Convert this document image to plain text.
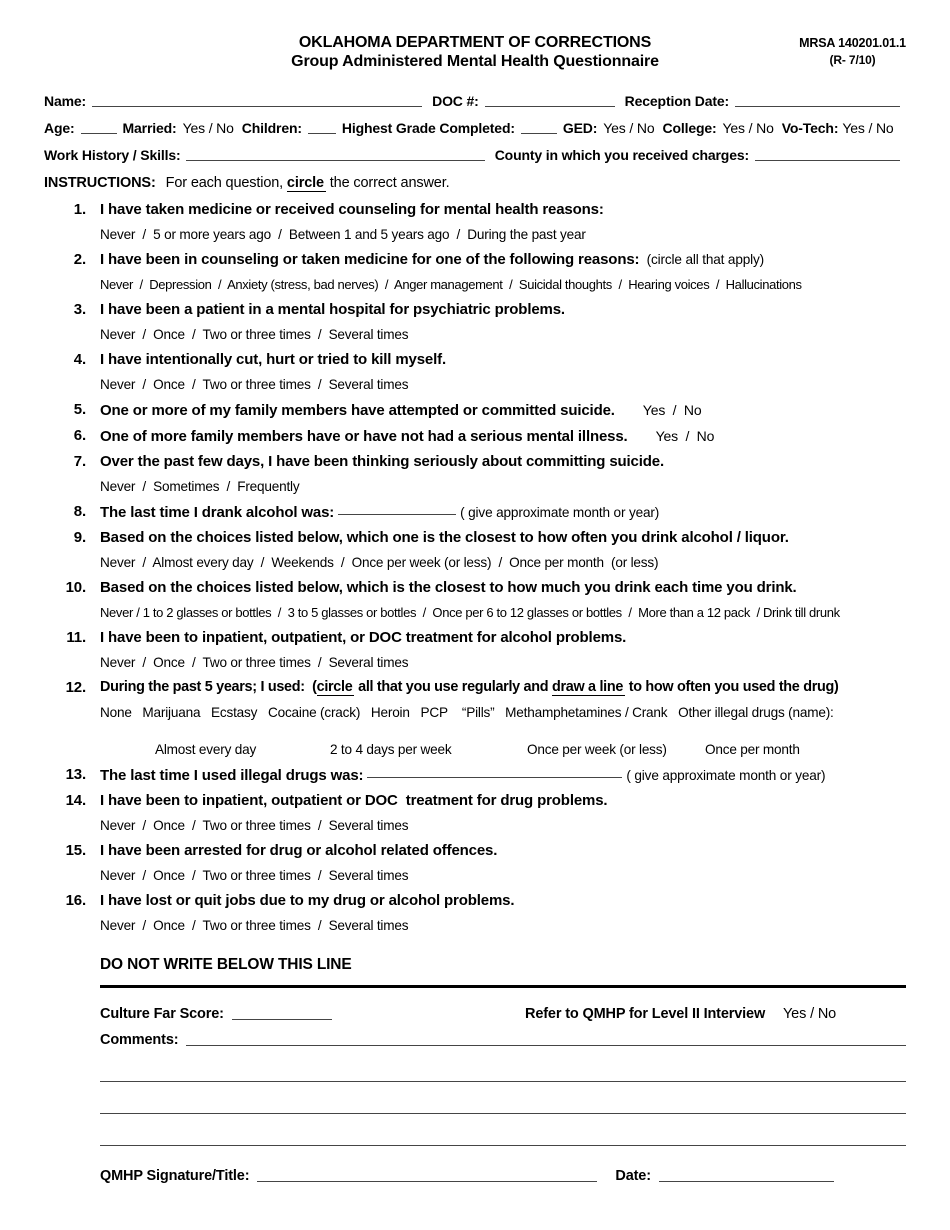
OKLAHOMA DEPARTMENT OF CORRECTIONS
Group Administered Mental Health Questionnaire
MRSA 140201.01.1
(R- 7/10)
Name:	DOC #:	Reception Date:
Age:	Married: Yes / No Children:	Highest Grade Completed:	GED: Yes / No College: Yes / No Vo-Tech: Yes / No
Work History / Skills:	County in which you received charges:
INSTRUCTIONS: For each question, circle the correct answer.
1. I have taken medicine or received counseling for mental health reasons:
Never  /  5 or more years ago  /  Between 1 and 5 years ago  /  During the past year
2. I have been in counseling or taken medicine for one of the following reasons:  (circle all that apply)
Never  /  Depression  /  Anxiety (stress, bad nerves)  /  Anger management  /  Suicidal thoughts  /  Hearing voices  /  Hallucinations
3. I have been a patient in a mental hospital for psychiatric problems.
Never  /  Once  /  Two or three times  /  Several times
4. I have intentionally cut, hurt or tried to kill myself.
Never  /  Once  /  Two or three times  /  Several times
5. One or more of my family members have attempted or committed suicide. Yes  /  No
6. One of more family members have or have not had a serious mental illness. Yes  /  No
7. Over the past few days, I have been thinking seriously about committing suicide.
Never  /  Sometimes  /  Frequently
8. The last time I drank alcohol was:	( give approximate month or year)
9. Based on the choices listed below, which one is the closest to how often you drink alcohol / liquor.
Never  /  Almost every day  /  Weekends  /  Once per week (or less)  /  Once per month  (or less)
10. Based on the choices listed below, which is the closest to how much you drink each time you drink.
Never / 1 to 2 glasses or bottles  /  3 to 5 glasses or bottles  /  Once per 6 to 12 glasses or bottles  /  More than a 12 pack  / Drink till drunk
11. I have been to inpatient, outpatient, or DOC treatment for alcohol problems.
Never  /  Once  /  Two or three times  /  Several times
12. During the past 5 years; I used:  (circle all that you use regularly and draw a line to how often you used the drug)
None   Marijuana   Ecstasy   Cocaine (crack)   Heroin   PCP    “Pills”   Methamphetamines / Crank   Other illegal drugs (name):
Almost every day	2 to 4 days per week	Once per week (or less)	Once per month
13. The last time I used illegal drugs was:	( give approximate month or year)
14. I have been to inpatient, outpatient or DOC  treatment for drug problems.
Never  /  Once  /  Two or three times  /  Several times
15. I have been arrested for drug or alcohol related offences.
Never  /  Once  /  Two or three times  /  Several times
16. I have lost or quit jobs due to my drug or alcohol problems.
Never  /  Once  /  Two or three times  /  Several times
DO NOT WRITE BELOW THIS LINE
Culture Far Score:	Refer to QMHP for Level II Interview Yes / No
Comments:
QMHP Signature/Title:	Date:
